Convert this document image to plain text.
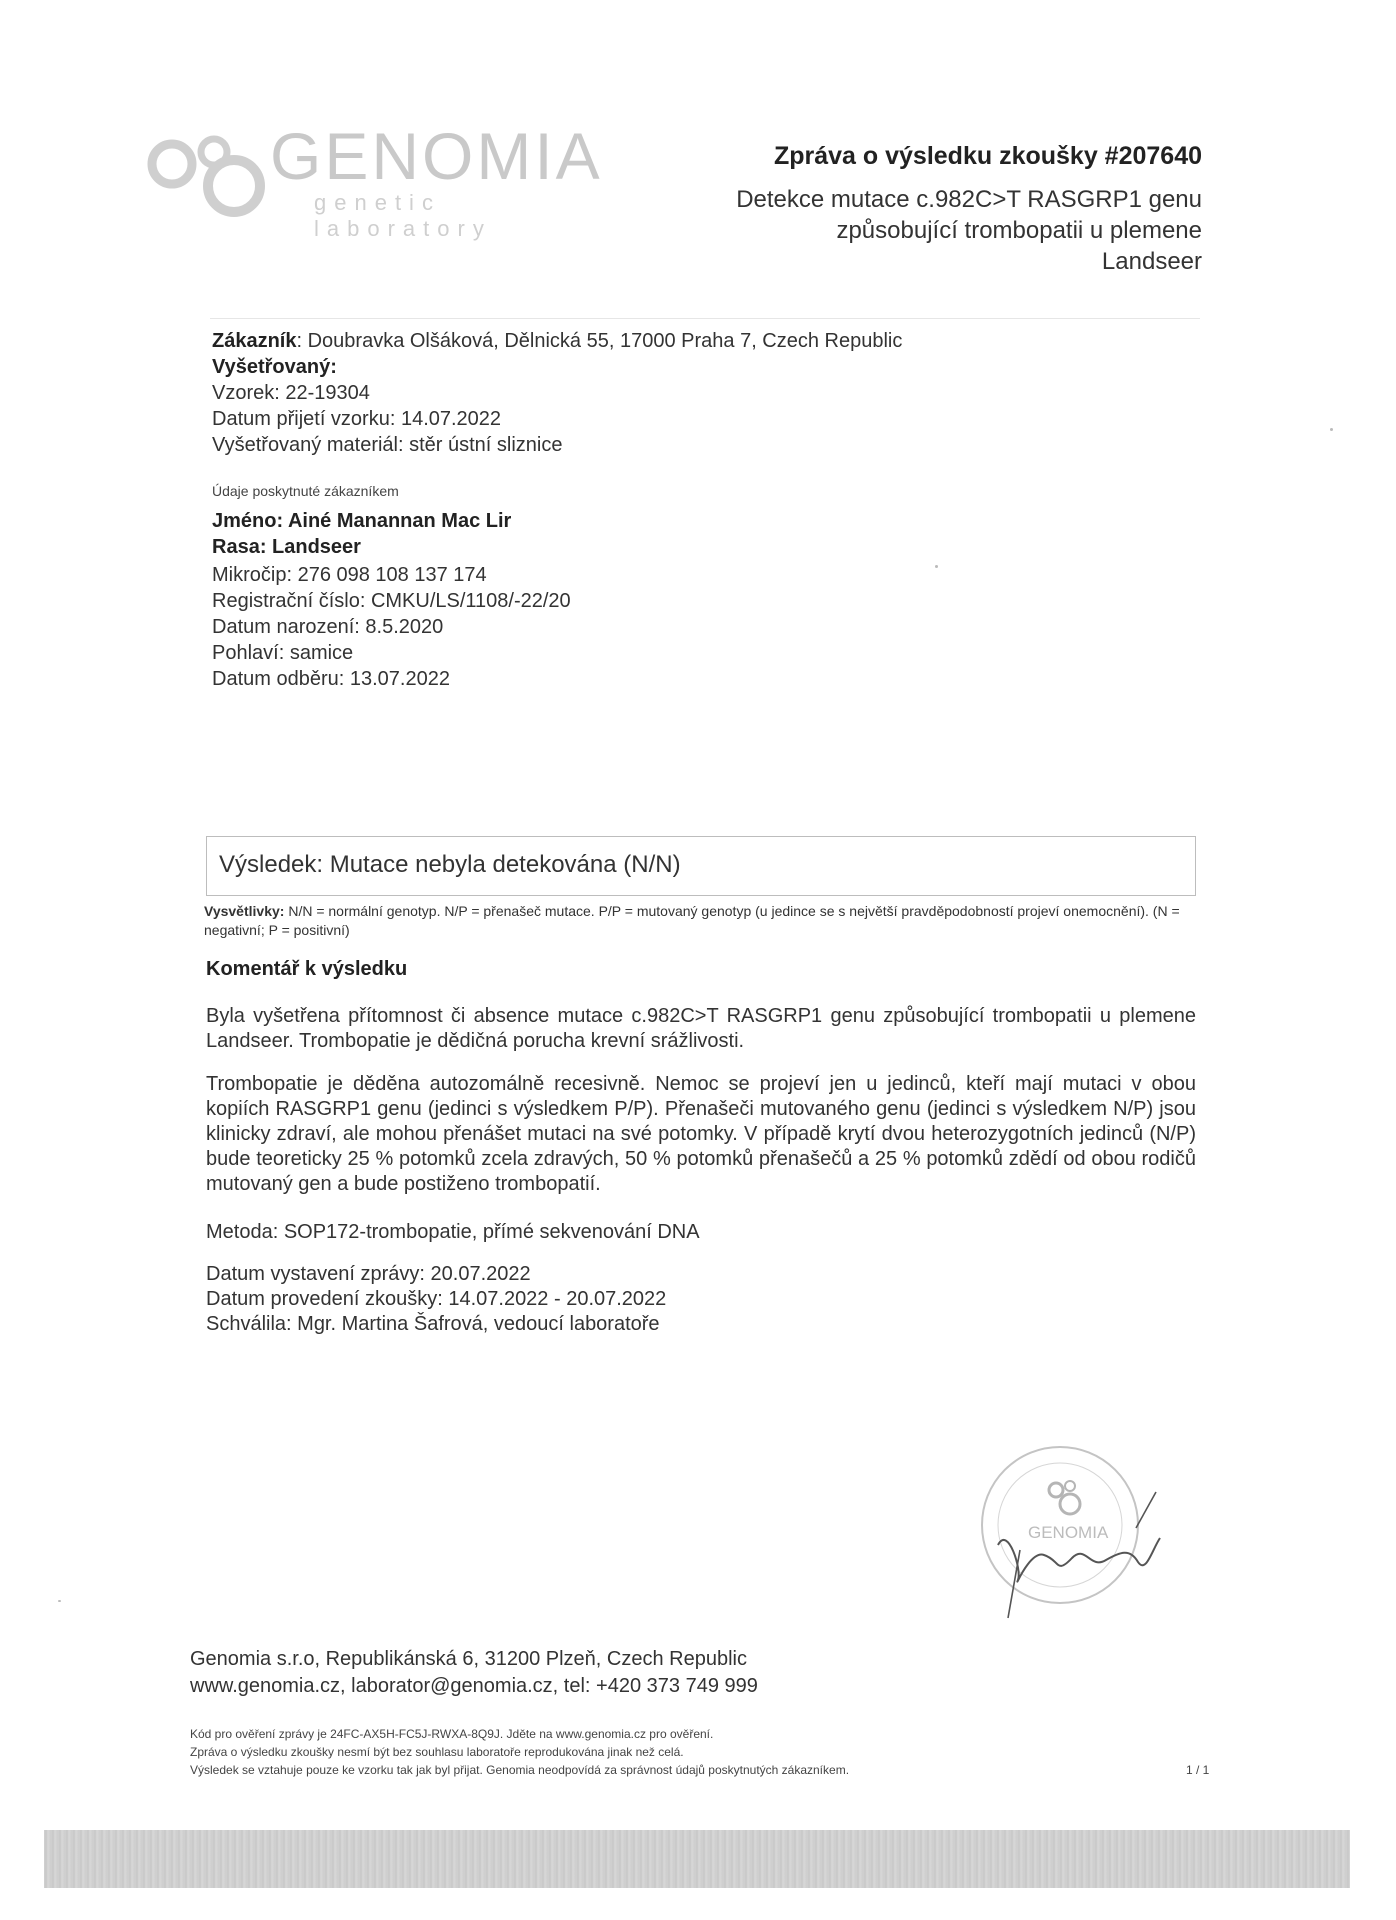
GENOMIA
genetic laboratory
Zpráva o výsledku zkoušky #207640
Detekce mutace c.982C>T RASGRP1 genu
způsobující trombopatii u plemene
Landseer
Zákazník: Doubravka Olšáková, Dělnická 55, 17000 Praha 7, Czech Republic
Vyšetřovaný:
Vzorek: 22-19304
Datum přijetí vzorku: 14.07.2022
Vyšetřovaný materiál: stěr ústní sliznice
Údaje poskytnuté zákazníkem
Jméno: Ainé Manannan Mac Lir
Rasa: Landseer
Mikročip: 276 098 108 137 174
Registrační číslo: CMKU/LS/1108/-22/20
Datum narození: 8.5.2020
Pohlaví: samice
Datum odběru: 13.07.2022
Výsledek: Mutace nebyla detekována (N/N)
Vysvětlivky: N/N = normální genotyp. N/P = přenašeč mutace. P/P = mutovaný genotyp (u jedince se s největší pravděpodobností projeví onemocnění). (N = negativní; P = positivní)
Komentář k výsledku
Byla vyšetřena přítomnost či absence mutace c.982C>T RASGRP1 genu způsobující trombopatii u plemene Landseer. Trombopatie je dědičná porucha krevní srážlivosti.
Trombopatie je děděna autozomálně recesivně. Nemoc se projeví jen u jedinců, kteří mají mutaci v obou kopiích RASGRP1 genu (jedinci s výsledkem P/P). Přenašeči mutovaného genu (jedinci s výsledkem N/P) jsou klinicky zdraví, ale mohou přenášet mutaci na své potomky. V případě krytí dvou heterozygotních jedinců (N/P) bude teoreticky 25 % potomků zcela zdravých, 50 % potomků přenašečů a 25 % potomků zdědí od obou rodičů mutovaný gen a bude postiženo trombopatií.
Metoda: SOP172-trombopatie, přímé sekvenování DNA
Datum vystavení zprávy: 20.07.2022
Datum provedení zkoušky: 14.07.2022 - 20.07.2022
Schválila: Mgr. Martina Šafrová, vedoucí laboratoře
GENOMIA
Genomia s.r.o, Republikánská 6, 31200 Plzeň, Czech Republic
www.genomia.cz, laborator@genomia.cz, tel: +420 373 749 999
Kód pro ověření zprávy je 24FC-AX5H-FC5J-RWXA-8Q9J. Jděte na www.genomia.cz pro ověření.
Zpráva o výsledku zkoušky nesmí být bez souhlasu laboratoře reprodukována jinak než celá.
Výsledek se vztahuje pouze ke vzorku tak jak byl přijat. Genomia neodpovídá za správnost údajů poskytnutých zákazníkem.	1 / 1
